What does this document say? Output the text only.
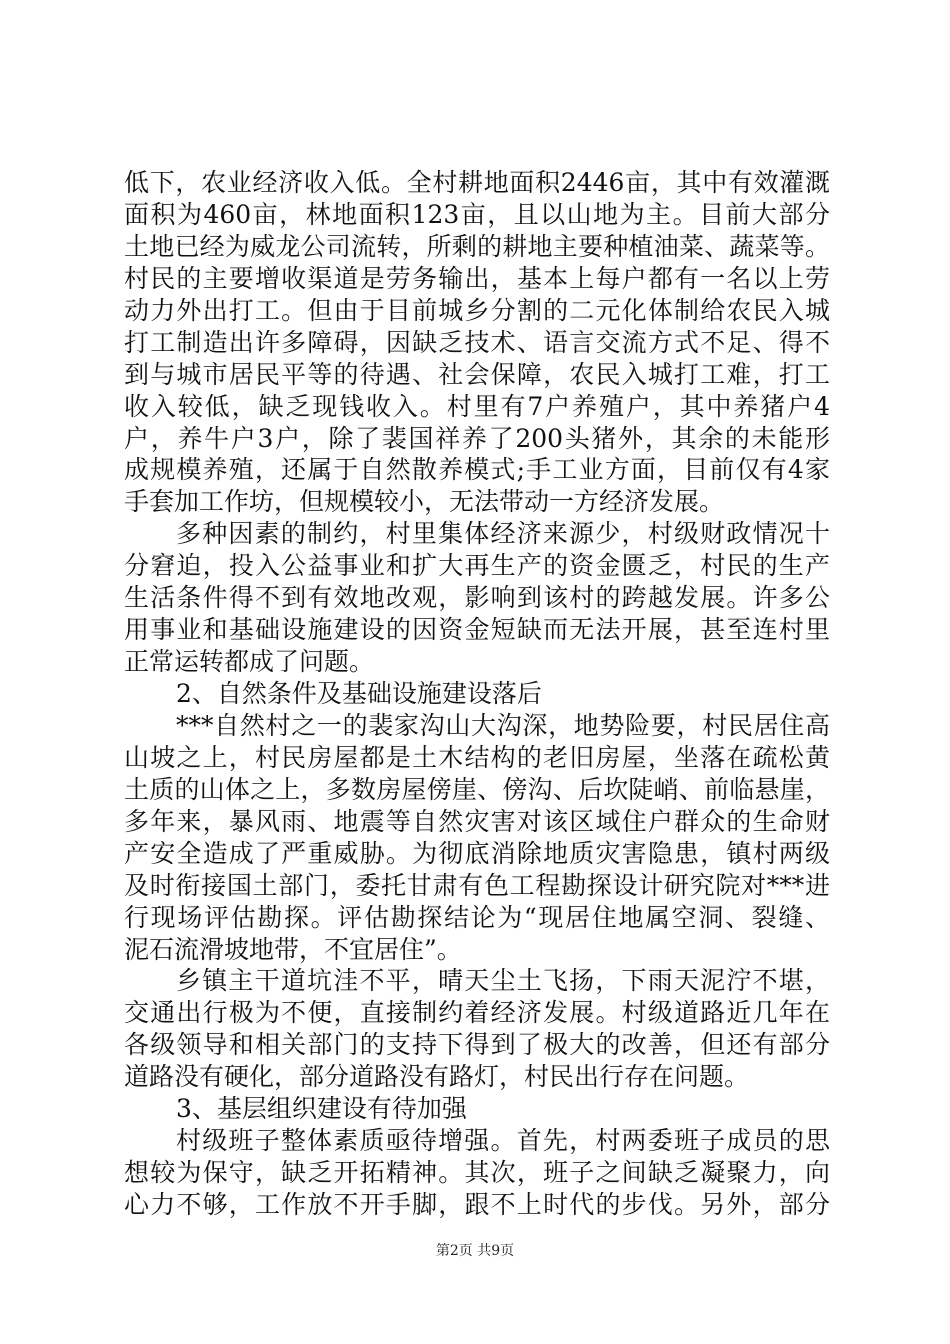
低下，农业经济收入低。全村耕地面积2446亩，其中有效灌溉
面积为460亩，林地面积123亩，且以山地为主。目前大部分
土地已经为威龙公司流转，所剩的耕地主要种植油菜、蔬菜等。
村民的主要增收渠道是劳务输出，基本上每户都有一名以上劳
动力外出打工。但由于目前城乡分割的二元化体制给农民入城
打工制造出许多障碍，因缺乏技术、语言交流方式不足、得不
到与城市居民平等的待遇、社会保障，农民入城打工难，打工
收入较低，缺乏现钱收入。村里有7户养殖户，其中养猪户4
户，养牛户3户，除了裴国祥养了200头猪外，其余的未能形
成规模养殖，还属于自然散养模式;手工业方面，目前仅有4家
手套加工作坊，但规模较小，无法带动一方经济发展。
多种因素的制约，村里集体经济来源少，村级财政情况十
分窘迫，投入公益事业和扩大再生产的资金匮乏，村民的生产
生活条件得不到有效地改观，影响到该村的跨越发展。许多公
用事业和基础设施建设的因资金短缺而无法开展，甚至连村里
正常运转都成了问题。
2、自然条件及基础设施建设落后
***自然村之一的裴家沟山大沟深，地势险要，村民居住高
山坡之上，村民房屋都是土木结构的老旧房屋，坐落在疏松黄
土质的山体之上，多数房屋傍崖、傍沟、后坎陡峭、前临悬崖，
多年来，暴风雨、地震等自然灾害对该区域住户群众的生命财
产安全造成了严重威胁。为彻底消除地质灾害隐患，镇村两级
及时衔接国土部门，委托甘肃有色工程勘探设计研究院对***进
行现场评估勘探。评估勘探结论为“现居住地属空洞、裂缝、
泥石流滑坡地带，不宜居住”。
乡镇主干道坑洼不平，晴天尘土飞扬，下雨天泥泞不堪，
交通出行极为不便，直接制约着经济发展。村级道路近几年在
各级领导和相关部门的支持下得到了极大的改善，但还有部分
道路没有硬化，部分道路没有路灯，村民出行存在问题。
3、基层组织建设有待加强
村级班子整体素质亟待增强。首先，村两委班子成员的思
想较为保守，缺乏开拓精神。其次，班子之间缺乏凝聚力，向
心力不够，工作放不开手脚，跟不上时代的步伐。另外，部分
第2页 共9页
